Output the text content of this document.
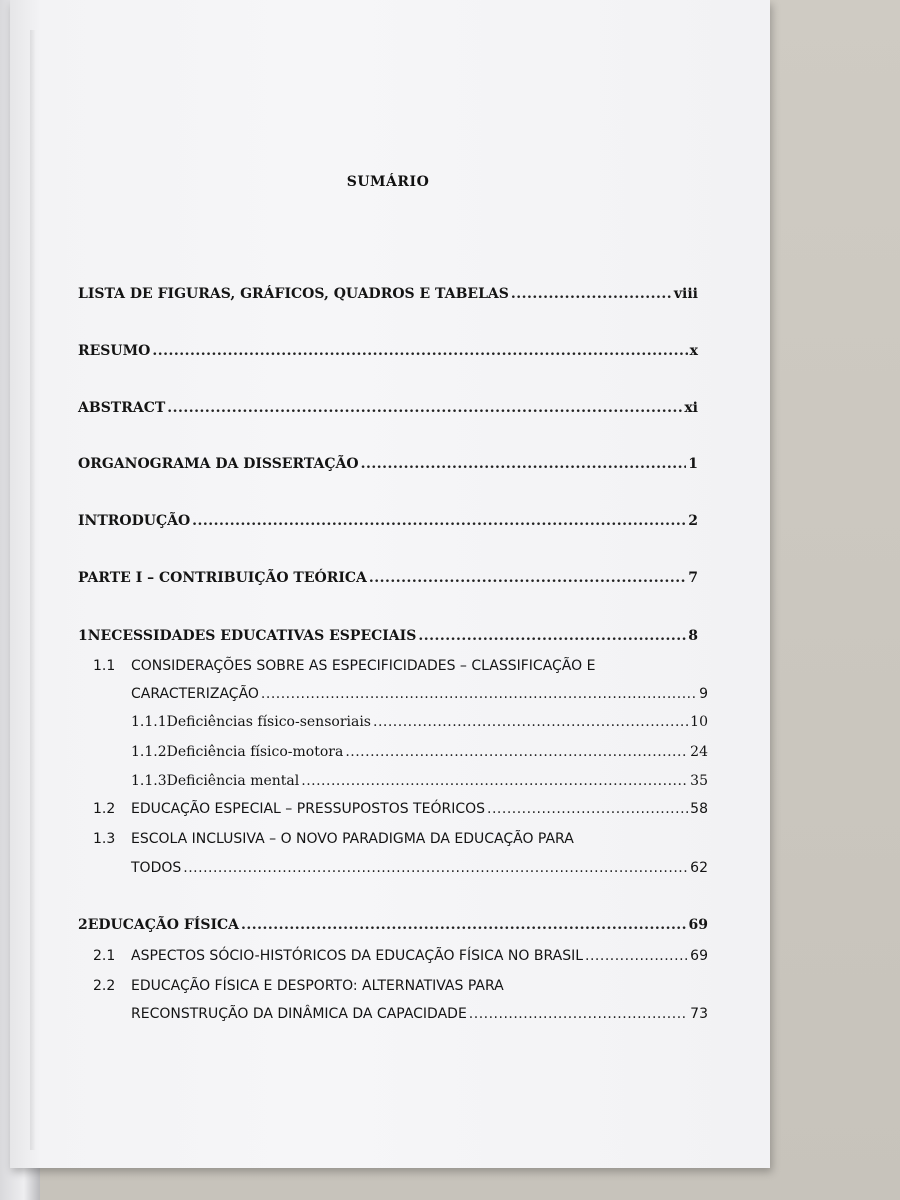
SUMÁRIO
LISTA DE FIGURAS, GRÁFICOS, QUADROS E TABELAS .....	viii
RESUMO .....	x
ABSTRACT .....	xi
ORGANOGRAMA DA DISSERTAÇÃO .....	1
INTRODUÇÃO .....	2
PARTE I – CONTRIBUIÇÃO TEÓRICA .....	7
1 NECESSIDADES EDUCATIVAS ESPECIAIS .....	8
1.1 CONSIDERAÇÕES SOBRE AS ESPECIFICIDADES – CLASSIFICAÇÃO E
CARACTERIZAÇÃO .....	9
1.1.1 Deficiências físico-sensoriais .....	10
1.1.2 Deficiência físico-motora .....	24
1.1.3 Deficiência mental .....	35
1.2 EDUCAÇÃO ESPECIAL – PRESSUPOSTOS TEÓRICOS .....	58
1.3 ESCOLA INCLUSIVA – O NOVO PARADIGMA DA EDUCAÇÃO PARA
TODOS .....	62
2 EDUCAÇÃO FÍSICA .....	69
2.1 ASPECTOS SÓCIO-HISTÓRICOS DA EDUCAÇÃO FÍSICA NO BRASIL .....	69
2.2 EDUCAÇÃO FÍSICA E DESPORTO: ALTERNATIVAS PARA
RECONSTRUÇÃO DA DINÂMICA DA CAPACIDADE .....	73
